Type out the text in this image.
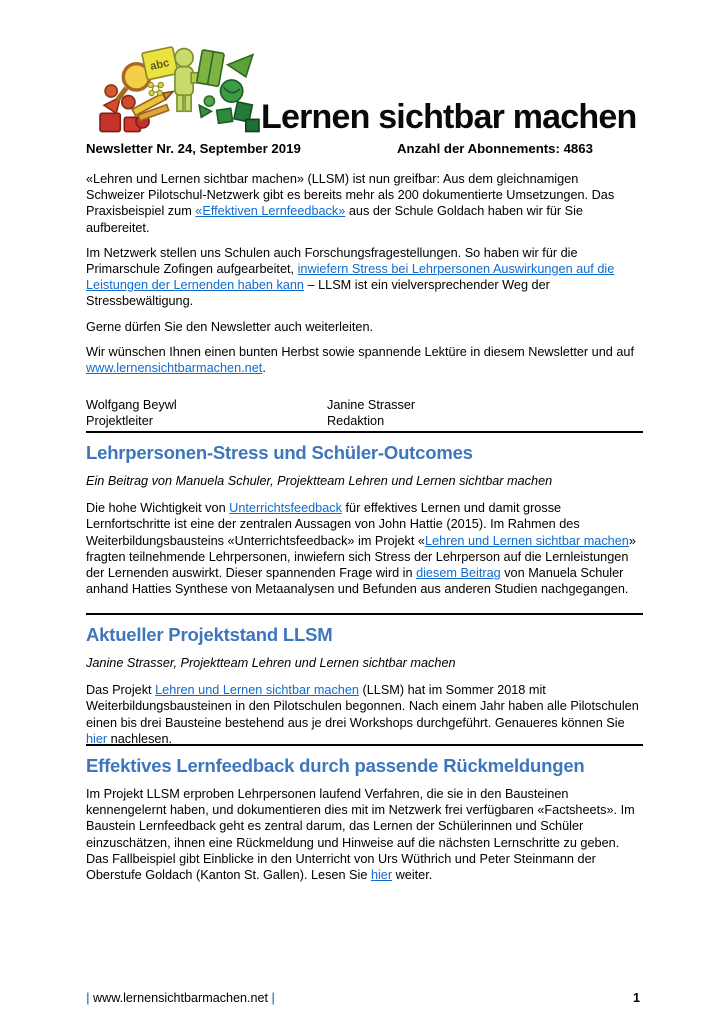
abc
Lernen sichtbar machen
Newsletter Nr. 24, September 2019	Anzahl der Abonnements: 4863

«Lehren und Lernen sichtbar machen» (LLSM) ist nun greifbar: Aus dem gleichnamigen Schweizer Pilotschul-Netzwerk gibt es bereits mehr als 200 dokumentierte Umsetzungen. Das Praxisbeispiel zum «Effektiven Lernfeedback» aus der Schule Goldach haben wir für Sie aufbereitet.

Im Netzwerk stellen uns Schulen auch Forschungsfragestellungen. So haben wir für die Primarschule Zofingen aufgearbeitet, inwiefern Stress bei Lehrpersonen Auswirkungen auf die Leistungen der Lernenden haben kann – LLSM ist ein vielversprechender Weg der Stressbewältigung.

Gerne dürfen Sie den Newsletter auch weiterleiten.

Wir wünschen Ihnen einen bunten Herbst sowie spannende Lektüre in diesem Newsletter und auf www.lernensichtbarmachen.net.

Wolfgang Beywl
Projektleiter
Janine Strasser
Redaktion
Lehrpersonen-Stress und Schüler-Outcomes

Ein Beitrag von Manuela Schuler, Projektteam Lehren und Lernen sichtbar machen

Die hohe Wichtigkeit von Unterrichtsfeedback für effektives Lernen und damit grosse Lernfortschritte ist eine der zentralen Aussagen von John Hattie (2015). Im Rahmen des Weiterbildungsbausteins «Unterrichtsfeedback» im Projekt «Lehren und Lernen sichtbar machen» fragten teilnehmende Lehrpersonen, inwiefern sich Stress der Lehrperson auf die Lernleistungen der Lernenden auswirkt. Dieser spannenden Frage wird in diesem Beitrag von Manuela Schuler anhand Hatties Synthese von Metaanalysen und Befunden aus anderen Studien nachgegangen.

Aktueller Projektstand LLSM

Janine Strasser, Projektteam Lehren und Lernen sichtbar machen

Das Projekt Lehren und Lernen sichtbar machen (LLSM) hat im Sommer 2018 mit Weiterbildungsbausteinen in den Pilotschulen begonnen. Nach einem Jahr haben alle Pilotschulen einen bis drei Bausteine bestehend aus je drei Workshops durchgeführt. Genaueres können Sie hier nachlesen.

Effektives Lernfeedback durch passende Rückmeldungen

Im Projekt LLSM erproben Lehrpersonen laufend Verfahren, die sie in den Bausteinen kennengelernt haben, und dokumentieren dies mit im Netzwerk frei verfügbaren «Factsheets». Im Baustein Lernfeedback geht es zentral darum, das Lernen der Schülerinnen und Schüler einzuschätzen, ihnen eine Rückmeldung und Hinweise auf die nächsten Lernschritte zu geben. Das Fallbeispiel gibt Einblicke in den Unterricht von Urs Wüthrich und Peter Steinmann der Oberstufe Goldach (Kanton St. Gallen). Lesen Sie hier weiter.

| www.lernensichtbarmachen.net |	1
